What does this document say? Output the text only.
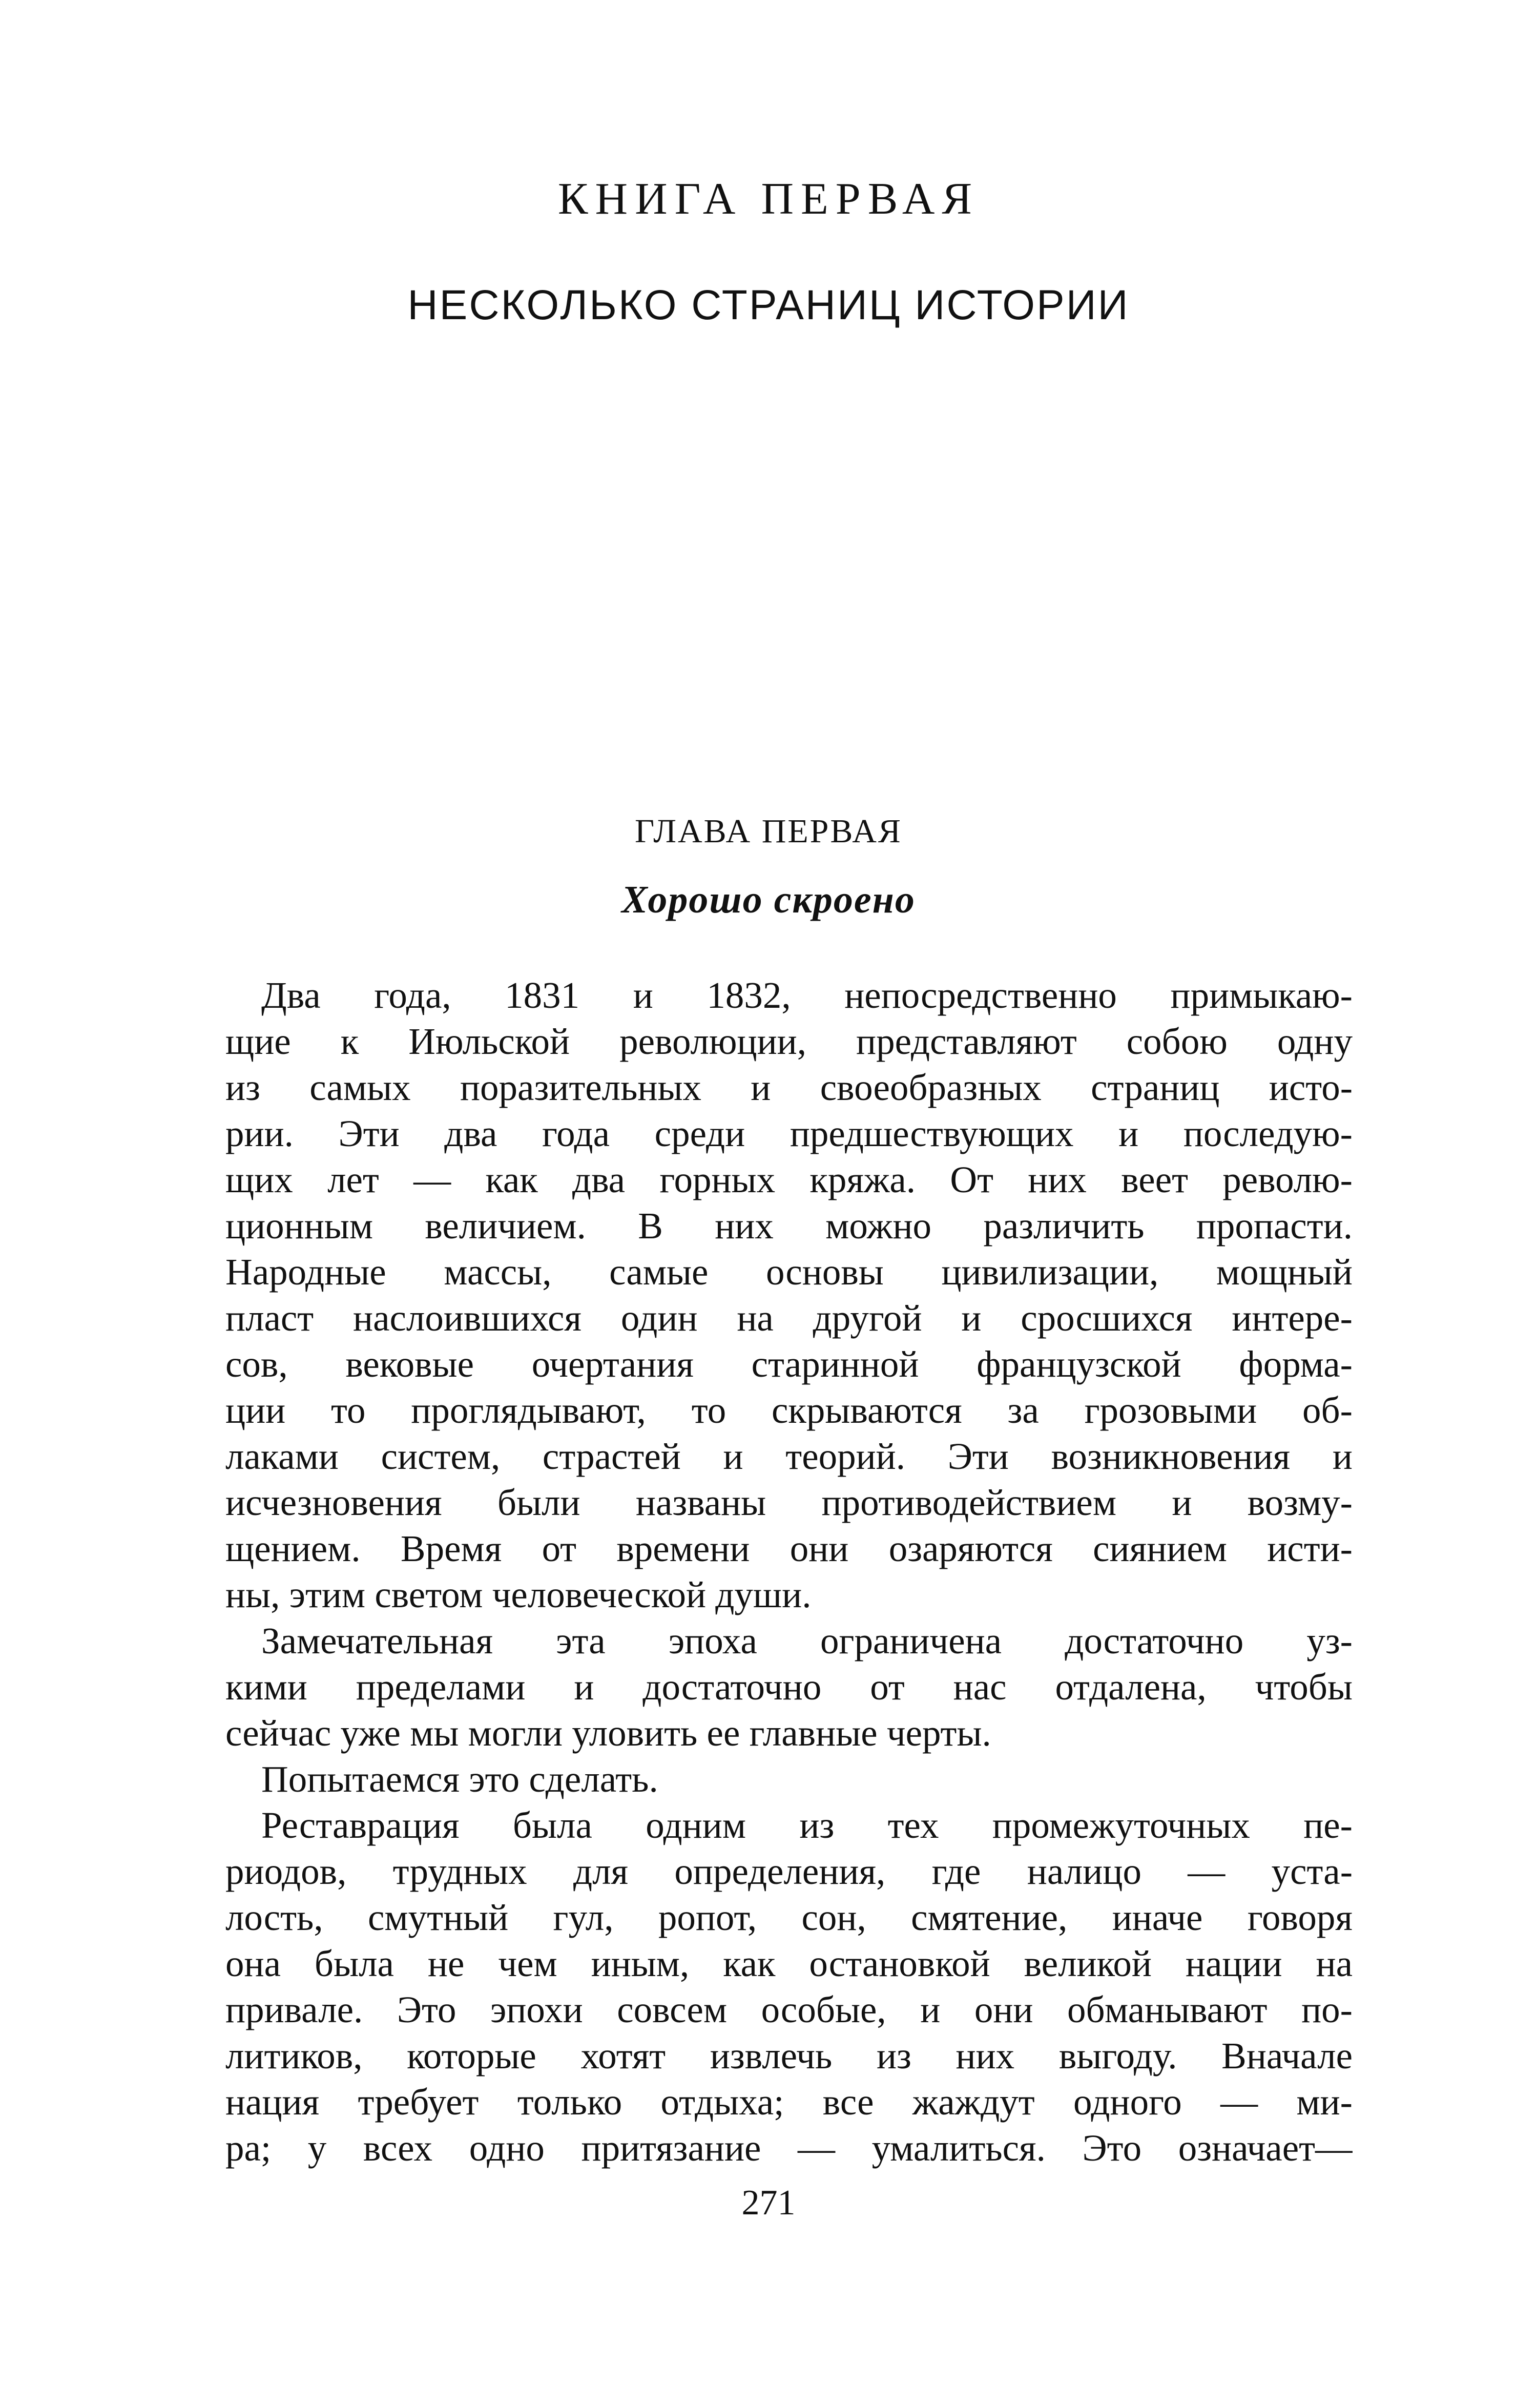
КНИГА ПЕРВАЯ
НЕСКОЛЬКО СТРАНИЦ ИСТОРИИ
ГЛАВА ПЕРВАЯ
Хорошо скроено
Два года, 1831 и 1832, непосредственно примыкаю-
щие к Июльской революции, представляют собою одну
из самых поразительных и своеобразных страниц исто-
рии. Эти два года среди предшествующих и последую-
щих лет — как два горных кряжа. От них веет револю-
ционным величием. В них можно различить пропасти.
Народные массы, самые основы цивилизации, мощный
пласт наслоившихся один на другой и сросшихся интере-
сов, вековые очертания старинной французской форма-
ции то проглядывают, то скрываются за грозовыми об-
лаками систем, страстей и теорий. Эти возникновения и
исчезновения были названы противодействием и возму-
щением. Время от времени они озаряются сиянием исти-
ны, этим светом человеческой души.
Замечательная эта эпоха ограничена достаточно уз-
кими пределами и достаточно от нас отдалена, чтобы
сейчас уже мы могли уловить ее главные черты.
Попытаемся это сделать.
Реставрация была одним из тех промежуточных пе-
риодов, трудных для определения, где налицо — уста-
лость, смутный гул, ропот, сон, смятение, иначе говоря
она была не чем иным, как остановкой великой нации на
привале. Это эпохи совсем особые, и они обманывают по-
литиков, которые хотят извлечь из них выгоду. Вначале
нация требует только отдыха; все жаждут одного — ми-
ра; у всех одно притязание — умалиться. Это означает—
271
